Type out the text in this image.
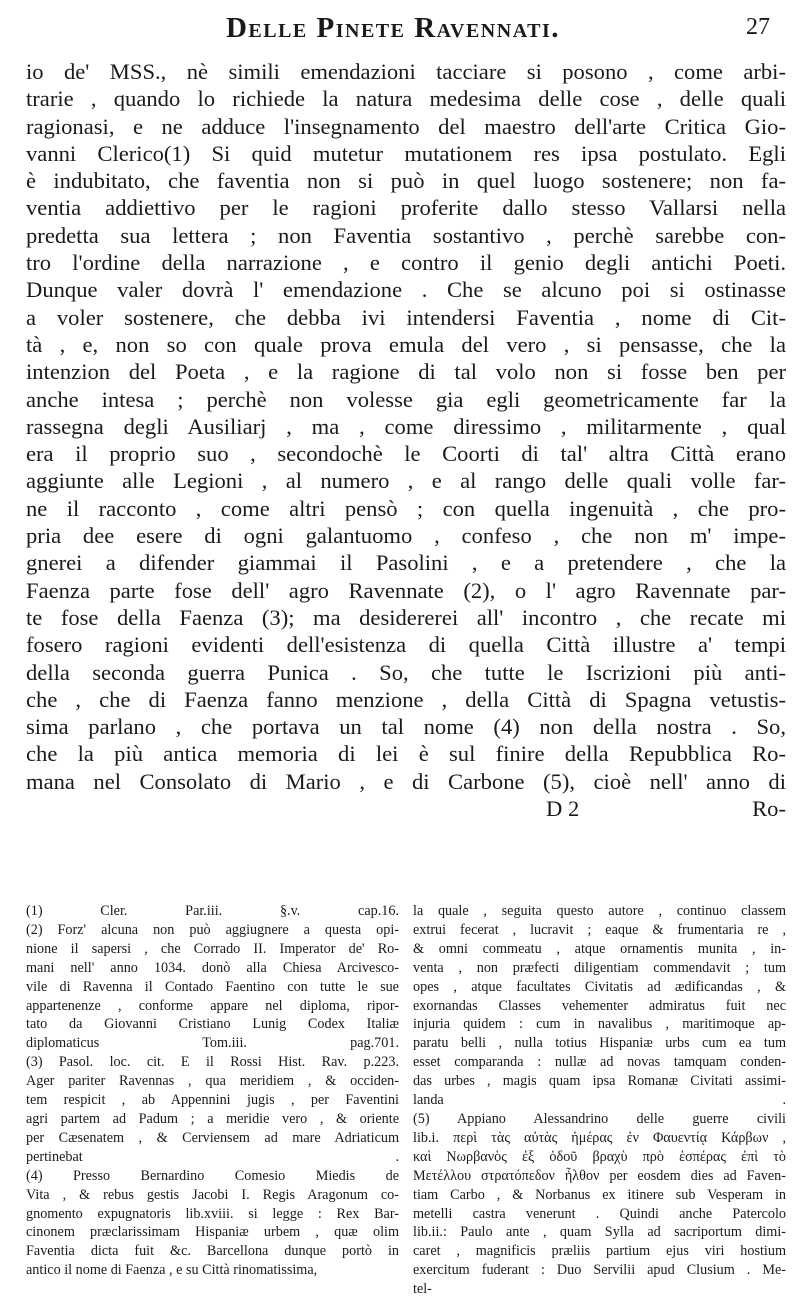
Delle Pinete Ravennati.	27
io de' MSS., nè simili emendazioni tacciare si posono , come arbi-
trarie , quando lo richiede la natura medesima delle cose , delle quali
ragionasi, e ne adduce l'insegnamento del maestro dell'arte Critica Gio-
vanni Clerico(1) Si quid mutetur mutationem res ipsa postulato. Egli
è indubitato, che faventia non si può in quel luogo sostenere; non fa-
ventia addiettivo per le ragioni proferite dallo stesso Vallarsi nella
predetta sua lettera ; non Faventia sostantivo , perchè sarebbe con-
tro l'ordine della narrazione , e contro il genio degli antichi Poeti.
Dunque valer dovrà l' emendazione . Che se alcuno poi si ostinasse
a voler sostenere, che debba ivi intendersi Faventia , nome di Cit-
tà , e, non so con quale prova emula del vero , si pensasse, che la
intenzion del Poeta , e la ragione di tal volo non si fosse ben per
anche intesa ; perchè non volesse gia egli geometricamente far la
rassegna degli Ausiliarj , ma , come diressimo , militarmente , qual
era il proprio suo , secondochè le Coorti di tal' altra Città erano
aggiunte alle Legioni , al numero , e al rango delle quali volle far-
ne il racconto , come altri pensò ; con quella ingenuità , che pro-
pria dee esere di ogni galantuomo , confeso , che non m' impe-
gnerei a difender giammai il Pasolini , e a pretendere , che la
Faenza parte fose dell' agro Ravennate (2), o l' agro Ravennate par-
te fose della Faenza (3); ma desidererei all' incontro , che recate mi
fosero ragioni evidenti dell'esistenza di quella Città illustre a' tempi
della seconda guerra Punica . So, che tutte le Iscrizioni più anti-
che , che di Faenza fanno menzione , della Città di Spagna vetustis-
sima parlano , che portava un tal nome (4) non della nostra . So,
che la più antica memoria di lei è sul finire della Repubblica Ro-
mana nel Consolato di Mario , e di Carbone (5), cioè nell' anno di
D 2	Ro-
(1) Cler. Par.iii. §.v. cap.16.
(2) Forz' alcuna non può aggiugnere a questa opi-
nione il sapersi , che Corrado II. Imperator de' Ro-
mani nell' anno 1034. donò alla Chiesa Arcivesco-
vile di Ravenna il Contado Faentino con tutte le sue
appartenenze , conforme appare nel diploma, ripor-
tato da Giovanni Cristiano Lunig Codex Italiæ
diplomaticus Tom.iii. pag.701.
(3) Pasol. loc. cit. E il Rossi Hist. Rav. p.223.
Ager pariter Ravennas , qua meridiem , & occiden-
tem respicit , ab Appennini jugis , per Faventini
agri partem ad Padum ; a meridie vero , & oriente
per Cæsenatem , & Cerviensem ad mare Adriaticum
pertinebat .
(4) Presso Bernardino Comesio Miedis de
Vita , & rebus gestis Jacobi I. Regis Aragonum co-
gnomento expugnatoris lib.xviii. si legge : Rex Bar-
cinonem præclarissimam Hispaniæ urbem , quæ olim
Faventia dicta fuit &c. Barcellona dunque portò in
antico il nome di Faenza , e su Città rinomatissima,
la quale , seguita questo autore , continuo classem
extrui fecerat , lucravit ; eaque & frumentaria re ,
& omni commeatu , atque ornamentis munita , in-
venta , non præfecti diligentiam commendavit ; tum
opes , atque facultates Civitatis ad ædificandas , &
exornandas Classes vehementer admiratus fuit nec
injuria quidem : cum in navalibus , maritimoque ap-
paratu belli , nulla totius Hispaniæ urbs cum ea tum
esset comparanda : nullæ ad novas tamquam conden-
das urbes , magis quam ipsa Romanæ Civitati assimi-
landa .
(5) Appiano Alessandrino delle guerre civili
lib.i. περὶ τὰς αὐτὰς ἡμέρας ἐν Φαυεντίᾳ Κάρβων ,
καὶ Νωρβανὸς ἐξ ὁδοῦ βραχὺ πρὸ ἑσπέρας ἐπὶ τὸ
Μετέλλου στρατόπεδον ἦλθον per eosdem dies ad Faven-
tiam Carbo , & Norbanus ex itinere sub Vesperam in
metelli castra venerunt . Quindi anche Patercolo
lib.ii.: Paulo ante , quam Sylla ad sacriportum dimi-
caret , magnificis præliis partium ejus viri hostium
exercitum fuderant : Duo Servilii apud Clusium . Me-
tel-
